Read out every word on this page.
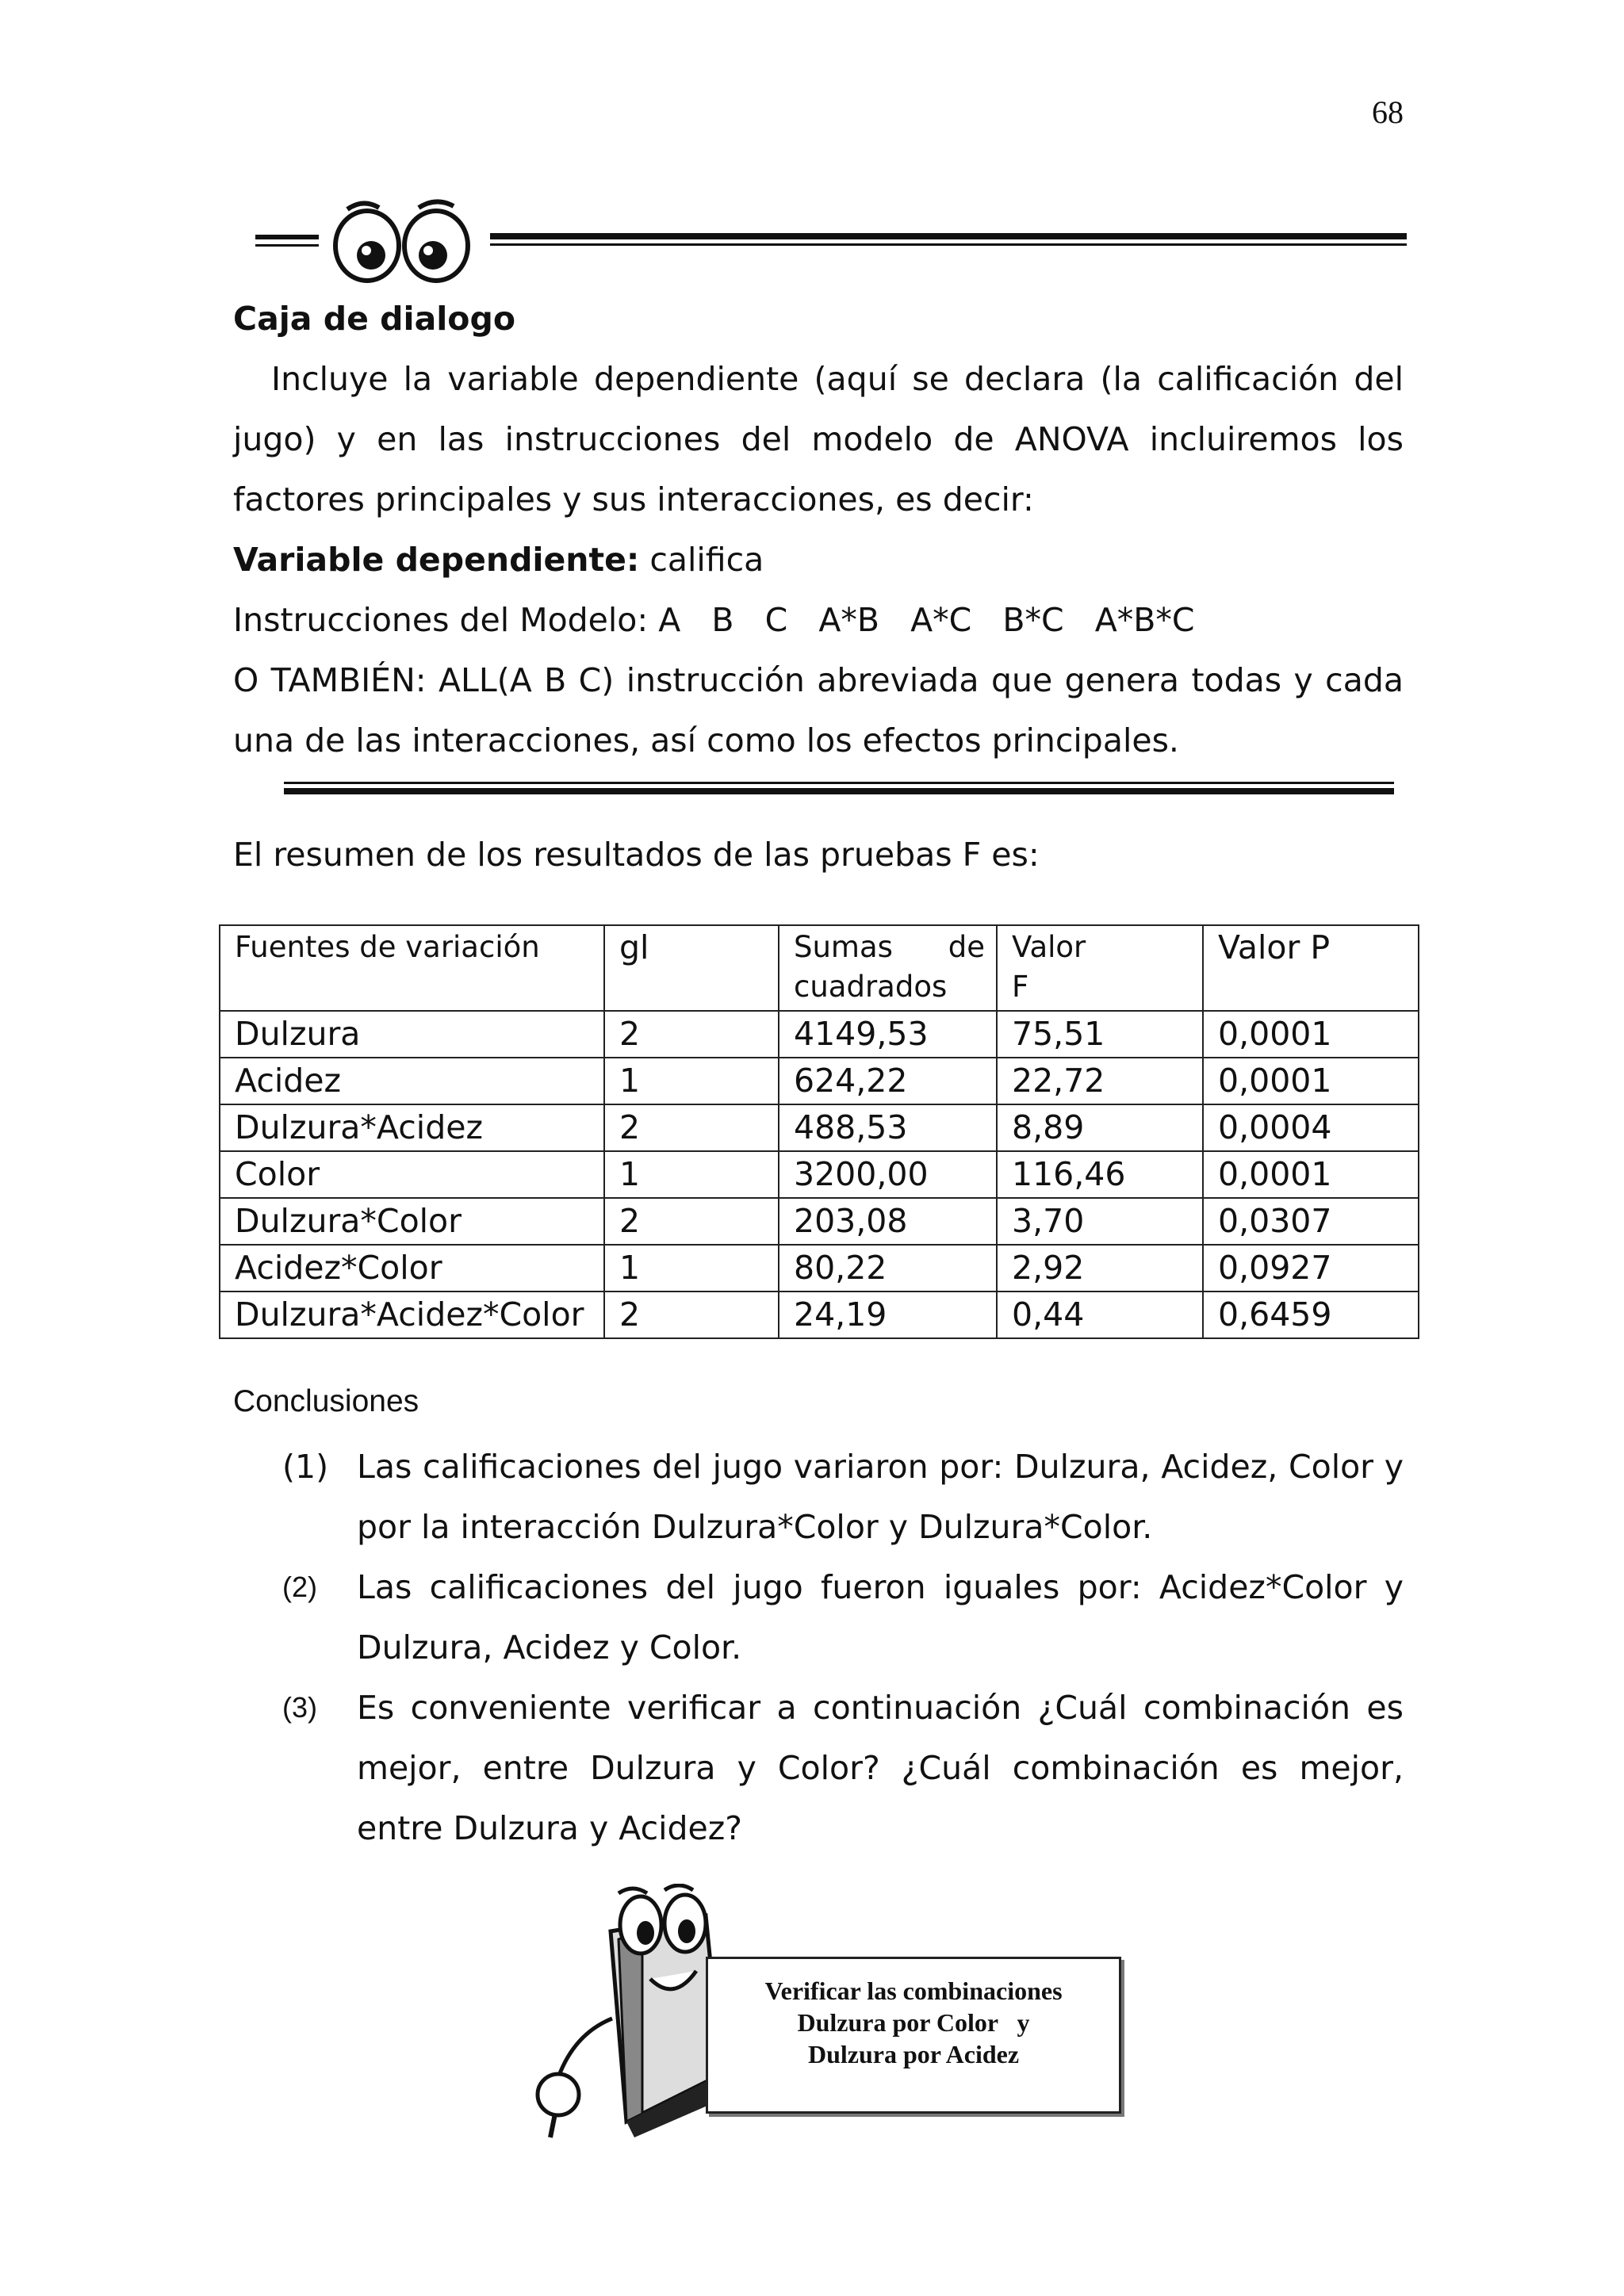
68
Caja de dialogo
Incluye la variable dependiente (aquí se declara (la calificación del jugo) y en las instrucciones del modelo de ANOVA incluiremos los factores principales y sus interacciones, es decir:
Variable dependiente: califica
Instrucciones del Modelo: A   B   C   A*B   A*C   B*C   A*B*C
O TAMBIÉN: ALL(A B C) instrucción abreviada que genera todas y cada una de las interacciones, así como los efectos principales.
El resumen de los resultados de las pruebas F es:
Fuentes de variación	gl	Sumas de cuadrados	Valor F	Valor P
Dulzura	2	4149,53	75,51	0,0001
Acidez	1	624,22	22,72	0,0001
Dulzura*Acidez	2	488,53	8,89	0,0004
Color	1	3200,00	116,46	0,0001
Dulzura*Color	2	203,08	3,70	0,0307
Acidez*Color	1	80,22	2,92	0,0927
Dulzura*Acidez*Color	2	24,19	0,44	0,6459
Conclusiones
(1) Las calificaciones del jugo variaron por: Dulzura, Acidez, Color y por la interacción Dulzura*Color y Dulzura*Color.
(2) Las calificaciones del jugo fueron iguales por: Acidez*Color y Dulzura, Acidez y Color.
(3) Es conveniente verificar a continuación ¿Cuál combinación es mejor, entre Dulzura y Color? ¿Cuál combinación es mejor, entre Dulzura y Acidez?
Verificar las combinaciones
Dulzura por Color   y
Dulzura por Acidez
